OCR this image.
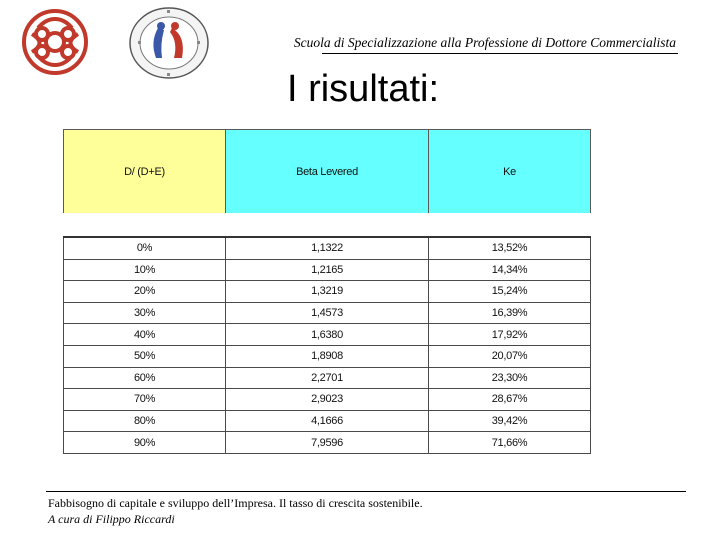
Scuola di Specializzazione alla Professione di Dottore Commercialista
I risultati:
D/ (D+E)	Beta Levered	Ke
0%	1,1322	13,52%
10%	1,2165	14,34%
20%	1,3219	15,24%
30%	1,4573	16,39%
40%	1,6380	17,92%
50%	1,8908	20,07%
60%	2,2701	23,30%
70%	2,9023	28,67%
80%	4,1666	39,42%
90%	7,9596	71,66%
Fabbisogno di capitale e sviluppo dell’Impresa. Il tasso di crescita sostenibile.
A cura di Filippo Riccardi
